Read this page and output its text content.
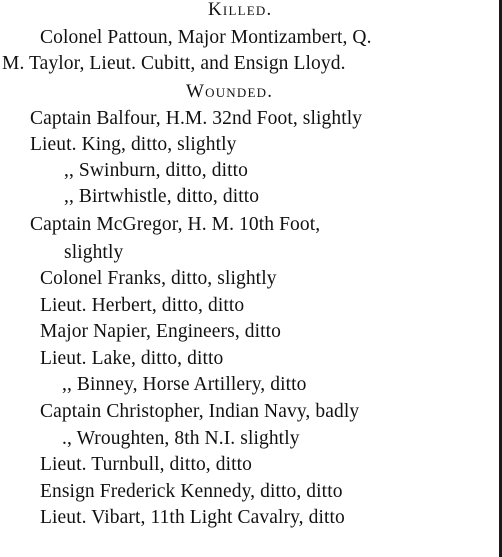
Killed.
Colonel Pattoun, Major Montizambert, Q.
M. Taylor, Lieut. Cubitt, and Ensign Lloyd.
Wounded.
Captain Balfour, H.M. 32nd Foot, slightly
Lieut. King, ditto, slightly
,, Swinburn, ditto, ditto
,, Birtwhistle, ditto, ditto
Captain McGregor, H. M. 10th Foot,
slightly
Colonel Franks, ditto, slightly
Lieut. Herbert, ditto, ditto
Major Napier, Engineers, ditto
Lieut. Lake, ditto, ditto
,, Binney, Horse Artillery, ditto
Captain Christopher, Indian Navy, badly
., Wroughten, 8th N.I. slightly
Lieut. Turnbull, ditto, ditto
Ensign Frederick Kennedy, ditto, ditto
Lieut. Vibart, 11th Light Cavalry, ditto
